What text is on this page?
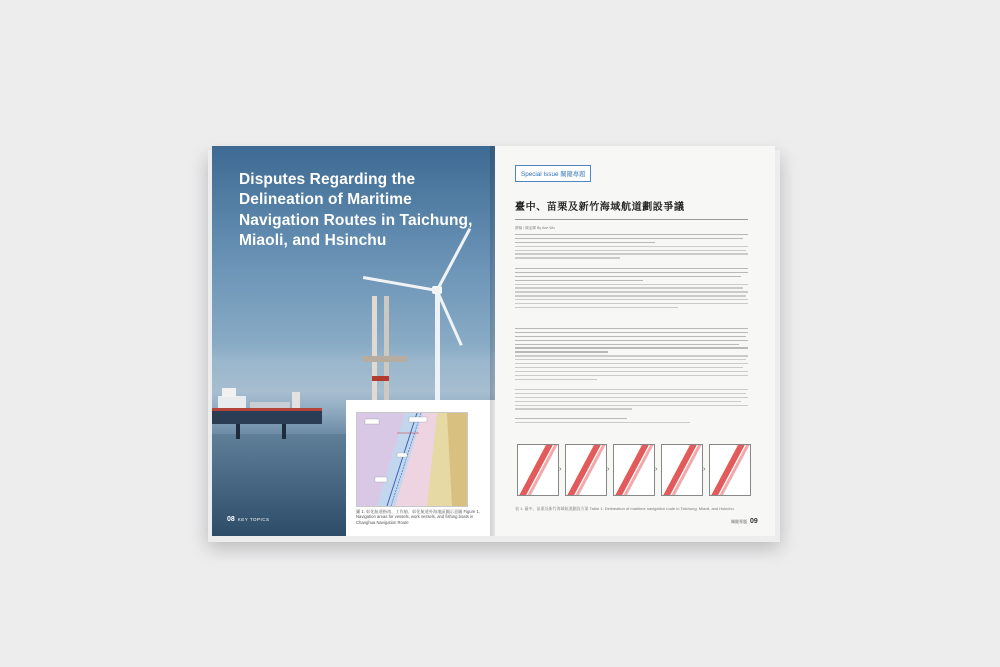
Disputes Regarding the Delineation of Maritime Navigation Routes in Taichung, Miaoli, and Hsinchu
圖 1. 彰化航道指南、工作船、彰化航道外海地區圖示意圖 Figure 1. Navigation areas for vessels, work vessels, and fishing boats in Changhua Navigation Route
08 KEY TOPICS
Special Issue 關鍵專題
臺中、苗栗及新竹海域航道劃設爭議
撰稿 / 陳孟暉 By Ann Wu
›	›	›	›
表 1. 臺中、苗栗及新竹海域航道劃設方案 Table 1. Delineation of maritime navigation route in Taichung, Miaoli, and Hsinchu
關鍵專題 09
